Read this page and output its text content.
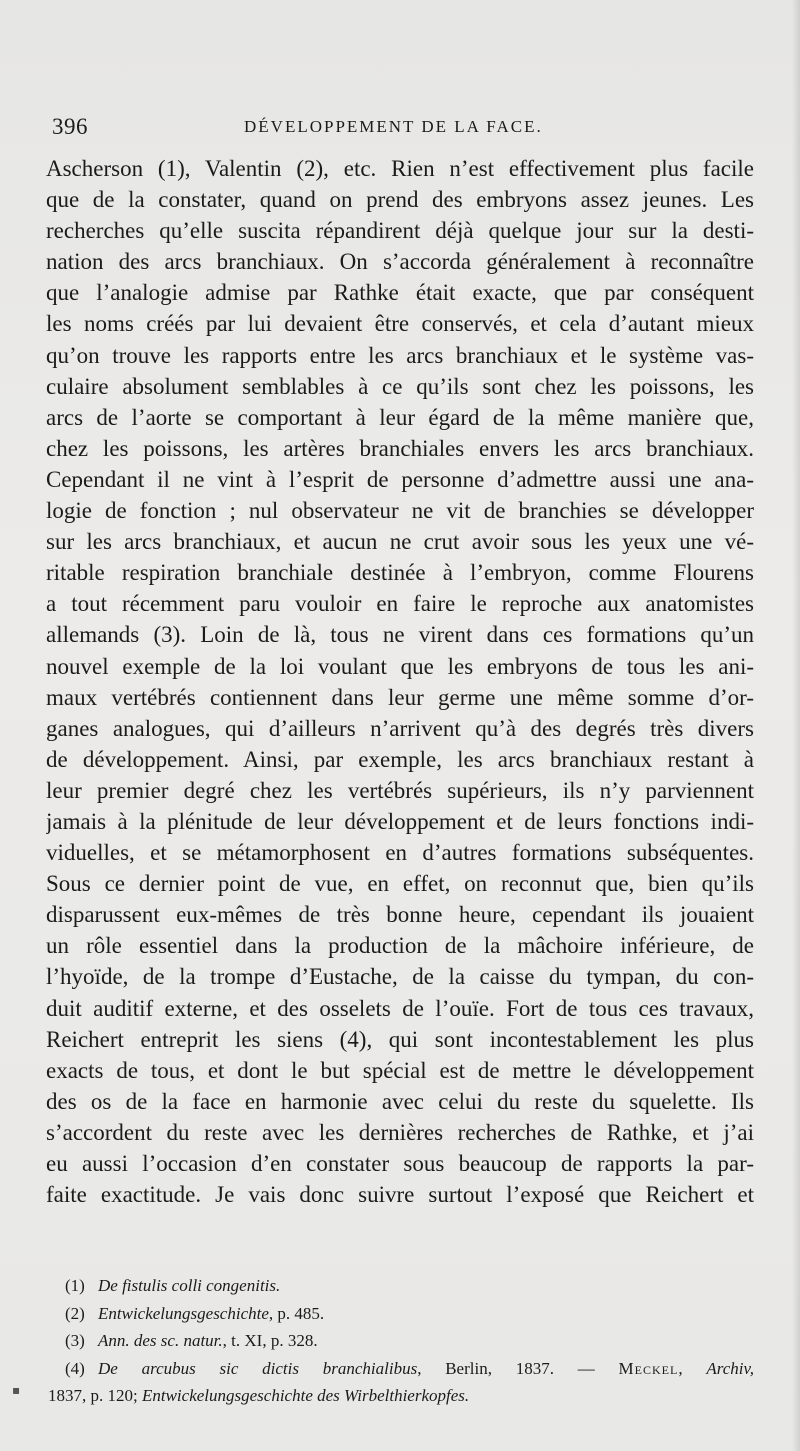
396	DÉVELOPPEMENT DE LA FACE.
Ascherson (1), Valentin (2), etc. Rien n’est effectivement plus facile
que de la constater, quand on prend des embryons assez jeunes. Les
recherches qu’elle suscita répandirent déjà quelque jour sur la desti-
nation des arcs branchiaux. On s’accorda généralement à reconnaître
que l’analogie admise par Rathke était exacte, que par conséquent
les noms créés par lui devaient être conservés, et cela d’autant mieux
qu’on trouve les rapports entre les arcs branchiaux et le système vas-
culaire absolument semblables à ce qu’ils sont chez les poissons, les
arcs de l’aorte se comportant à leur égard de la même manière que,
chez les poissons, les artères branchiales envers les arcs branchiaux.
Cependant il ne vint à l’esprit de personne d’admettre aussi une ana-
logie de fonction ; nul observateur ne vit de branchies se développer
sur les arcs branchiaux, et aucun ne crut avoir sous les yeux une vé-
ritable respiration branchiale destinée à l’embryon, comme Flourens
a tout récemment paru vouloir en faire le reproche aux anatomistes
allemands (3). Loin de là, tous ne virent dans ces formations qu’un
nouvel exemple de la loi voulant que les embryons de tous les ani-
maux vertébrés contiennent dans leur germe une même somme d’or-
ganes analogues, qui d’ailleurs n’arrivent qu’à des degrés très divers
de développement. Ainsi, par exemple, les arcs branchiaux restant à
leur premier degré chez les vertébrés supérieurs, ils n’y parviennent
jamais à la plénitude de leur développement et de leurs fonctions indi-
viduelles, et se métamorphosent en d’autres formations subséquentes.
Sous ce dernier point de vue, en effet, on reconnut que, bien qu’ils
disparussent eux-mêmes de très bonne heure, cependant ils jouaient
un rôle essentiel dans la production de la mâchoire inférieure, de
l’hyoïde, de la trompe d’Eustache, de la caisse du tympan, du con-
duit auditif externe, et des osselets de l’ouïe. Fort de tous ces travaux,
Reichert entreprit les siens (4), qui sont incontestablement les plus
exacts de tous, et dont le but spécial est de mettre le développement
des os de la face en harmonie avec celui du reste du squelette. Ils
s’accordent du reste avec les dernières recherches de Rathke, et j’ai
eu aussi l’occasion d’en constater sous beaucoup de rapports la par-
faite exactitude. Je vais donc suivre surtout l’exposé que Reichert et
(1) De fistulis colli congenitis.
(2) Entwickelungsgeschichte, p. 485.
(3) Ann. des sc. natur., t. XI, p. 328.
(4) De arcubus sic dictis branchialibus, Berlin, 1837. — Meckel, Archiv,
1837, p. 120; Entwickelungsgeschichte des Wirbelthierkopfes.
▪
